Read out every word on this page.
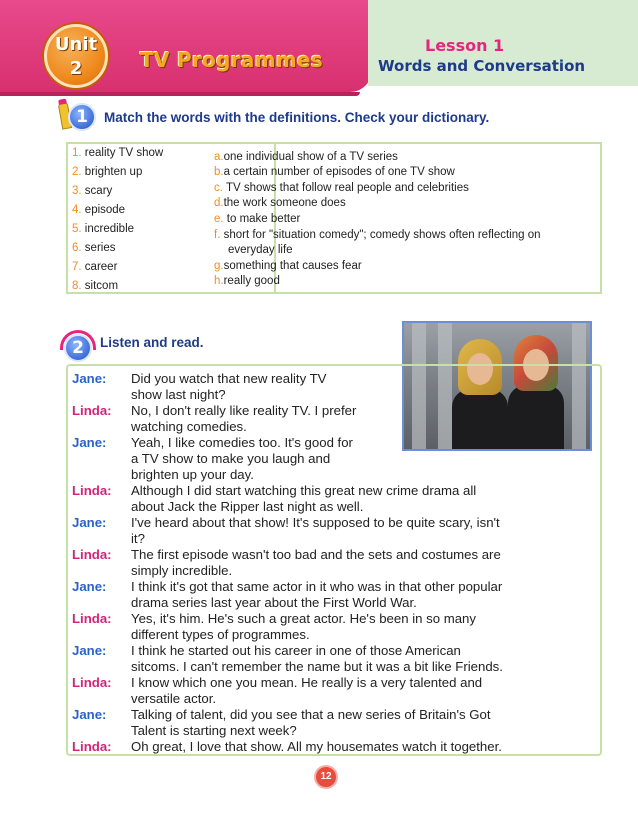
Unit
2	TV Programmes
Lesson 1
Words and Conversation
1	Match the words with the definitions. Check your dictionary.
1. reality TV show
2. brighten up
3. scary
4. episode
5. incredible
6. series
7. career
8. sitcom
a.one individual show of a TV series
b.a certain number of episodes of one TV show
c. TV shows that follow real people and celebrities
d.the work someone does
e. to make better
f. short for "situation comedy"; comedy shows often reflecting on
everyday life
g.something that causes fear
h.really good
2	Listen and read.
Jane: Did you watch that new reality TV
show last night?
Linda: No, I don't really like reality TV. I prefer
watching comedies.
Jane: Yeah, I like comedies too. It's good for
a TV show to make you laugh and
brighten up your day.
Linda: Although I did start watching this great new crime drama all
about Jack the Ripper last night as well.
Jane: I've heard about that show! It's supposed to be quite scary, isn't
it?
Linda: The first episode wasn't too bad and the sets and costumes are
simply incredible.
Jane: I think it's got that same actor in it who was in that other popular
drama series last year about the First World War.
Linda: Yes, it's him. He's such a great actor. He's been in so many
different types of programmes.
Jane: I think he started out his career in one of those American
sitcoms. I can't remember the name but it was a bit like Friends.
Linda: I know which one you mean. He really is a very talented and
versatile actor.
Jane: Talking of talent, did you see that a new series of Britain's Got
Talent is starting next week?
Linda: Oh great, I love that show. All my housemates watch it together.
12
